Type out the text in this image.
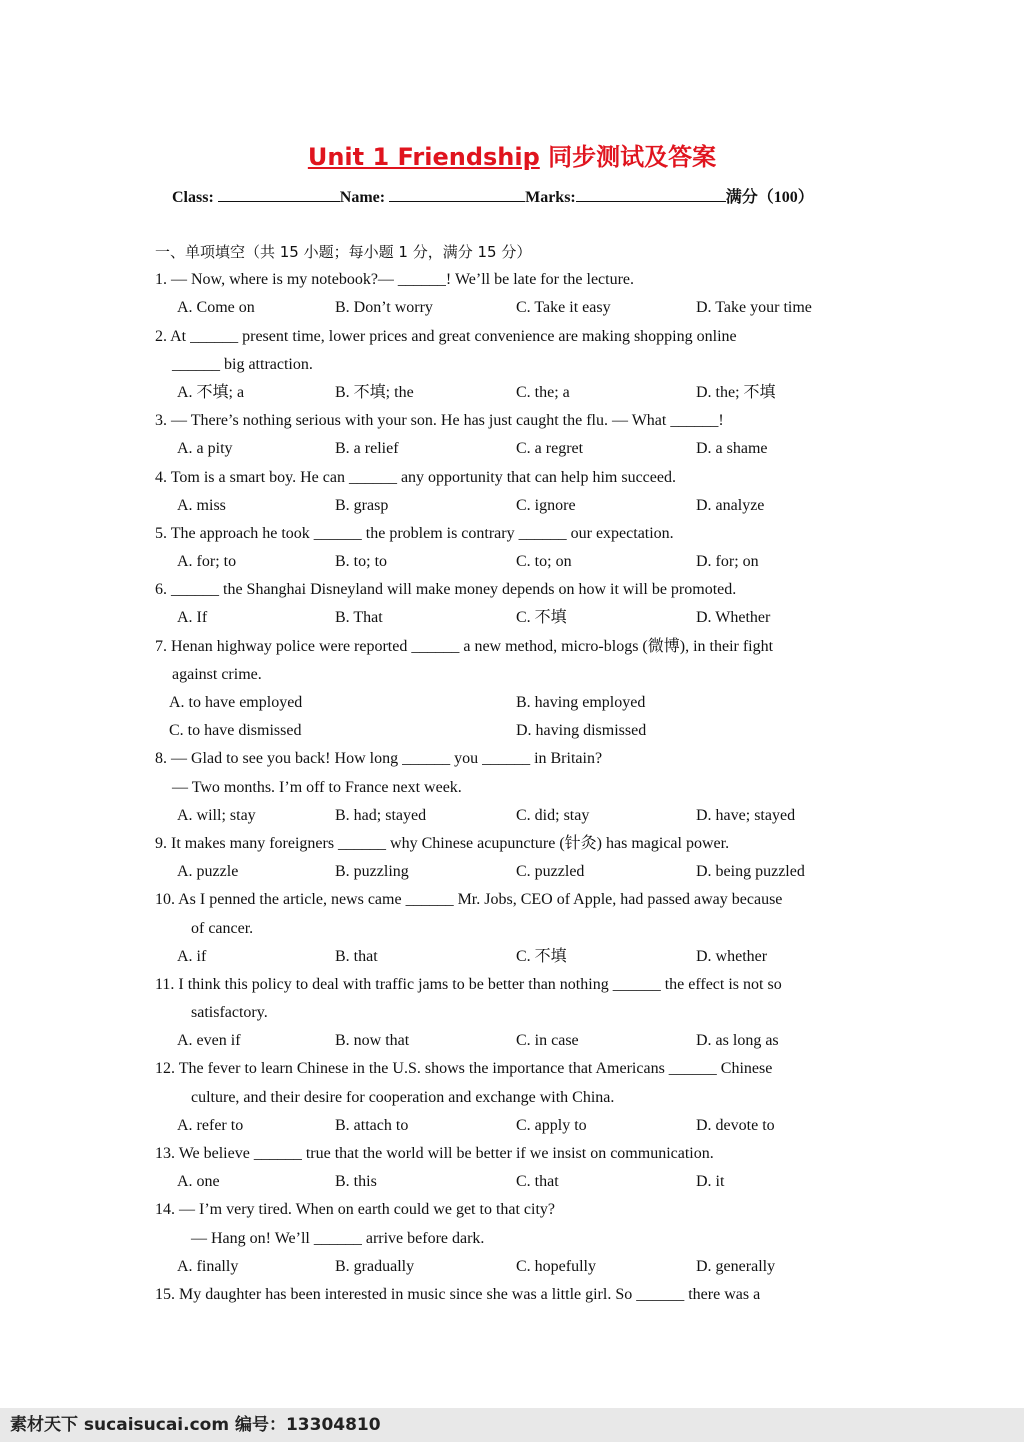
Unit 1 Friendship 同步测试及答案
Class:	Name:	Marks:	满分（100）
一、单项填空（共 15 小题；每小题 1 分，满分 15 分）
1. — Now, where is my notebook?— ______! We’ll be late for the lecture.
A. Come on	B. Don’t worry	C. Take it easy	D. Take your time
2. At ______ present time, lower prices and great convenience are making shopping online
______ big attraction.
A. 不填; a	B. 不填; the	C. the; a	D. the; 不填
3. — There’s nothing serious with your son. He has just caught the flu. — What ______!
A. a pity	B. a relief	C. a regret	D. a shame
4. Tom is a smart boy. He can ______ any opportunity that can help him succeed.
A. miss	B. grasp	C. ignore	D. analyze
5. The approach he took ______ the problem is contrary ______ our expectation.
A. for; to	B. to; to	C. to; on	D. for; on
6. ______ the Shanghai Disneyland will make money depends on how it will be promoted.
A. If	B. That	C. 不填	D. Whether
7. Henan highway police were reported ______ a new method, micro-blogs (微博), in their fight
against crime.
A. to have employed	B. having employed
C. to have dismissed	D. having dismissed
8. — Glad to see you back! How long ______ you ______ in Britain?
— Two months. I’m off to France next week.
A. will; stay	B. had; stayed	C. did; stay	D. have; stayed
9. It makes many foreigners ______ why Chinese acupuncture (针灸) has magical power.
A. puzzle	B. puzzling	C. puzzled	D. being puzzled
10. As I penned the article, news came ______ Mr. Jobs, CEO of Apple, had passed away because
of cancer.
A. if	B. that	C. 不填	D. whether
11. I think this policy to deal with traffic jams to be better than nothing ______ the effect is not so
satisfactory.
A. even if	B. now that	C. in case	D. as long as
12. The fever to learn Chinese in the U.S. shows the importance that Americans ______ Chinese
culture, and their desire for cooperation and exchange with China.
A. refer to	B. attach to	C. apply to	D. devote to
13. We believe ______ true that the world will be better if we insist on communication.
A. one	B. this	C. that	D. it
14. — I’m very tired. When on earth could we get to that city?
— Hang on! We’ll ______ arrive before dark.
A. finally	B. gradually	C. hopefully	D. generally
15. My daughter has been interested in music since she was a little girl. So ______ there was a
素材天下 sucaisucai.com 编号：13304810
